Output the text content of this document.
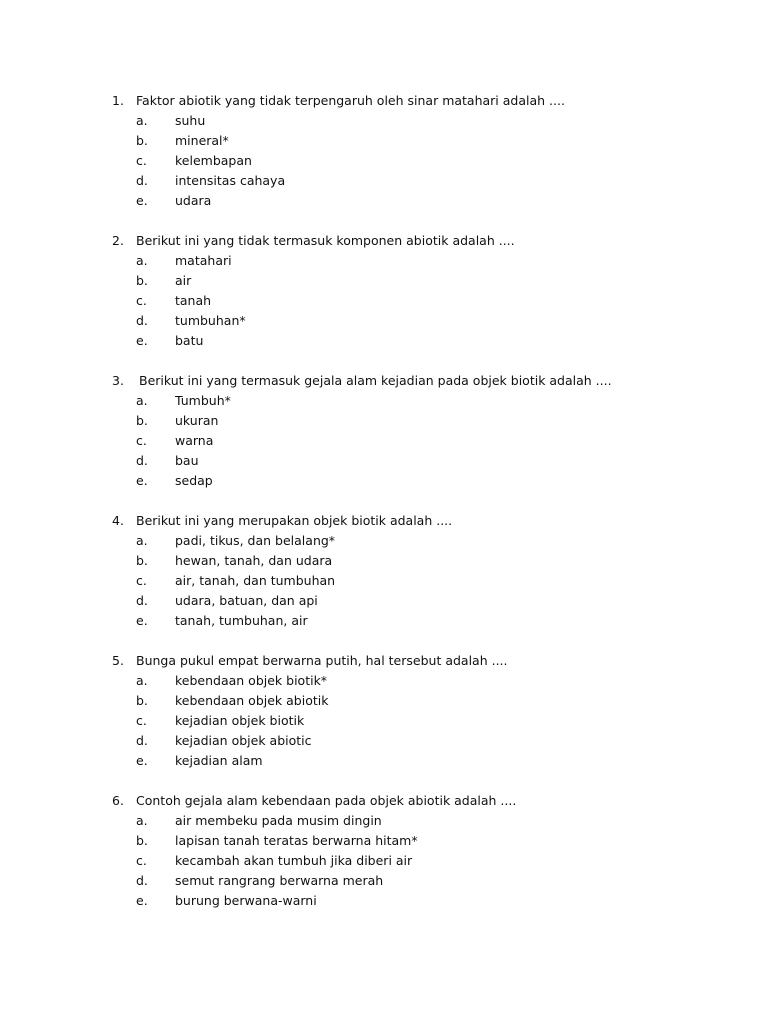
1. Faktor abiotik yang tidak terpengaruh oleh sinar matahari adalah ....
a. suhu
b. mineral*
c. kelembapan
d. intensitas cahaya
e. udara
2. Berikut ini yang tidak termasuk komponen abiotik adalah ....
a. matahari
b. air
c. tanah
d. tumbuhan*
e. batu
3. Berikut ini yang termasuk gejala alam kejadian pada objek biotik adalah ....
a. Tumbuh*
b. ukuran
c. warna
d. bau
e. sedap
4. Berikut ini yang merupakan objek biotik adalah ....
a. padi, tikus, dan belalang*
b. hewan, tanah, dan udara
c. air, tanah, dan tumbuhan
d. udara, batuan, dan api
e. tanah, tumbuhan, air
5. Bunga pukul empat berwarna putih, hal tersebut adalah ....
a. kebendaan objek biotik*
b. kebendaan objek abiotik
c. kejadian objek biotik
d. kejadian objek abiotic
e. kejadian alam
6. Contoh gejala alam kebendaan pada objek abiotik adalah ....
a. air membeku pada musim dingin
b. lapisan tanah teratas berwarna hitam*
c. kecambah akan tumbuh jika diberi air
d. semut rangrang berwarna merah
e. burung berwana-warni
